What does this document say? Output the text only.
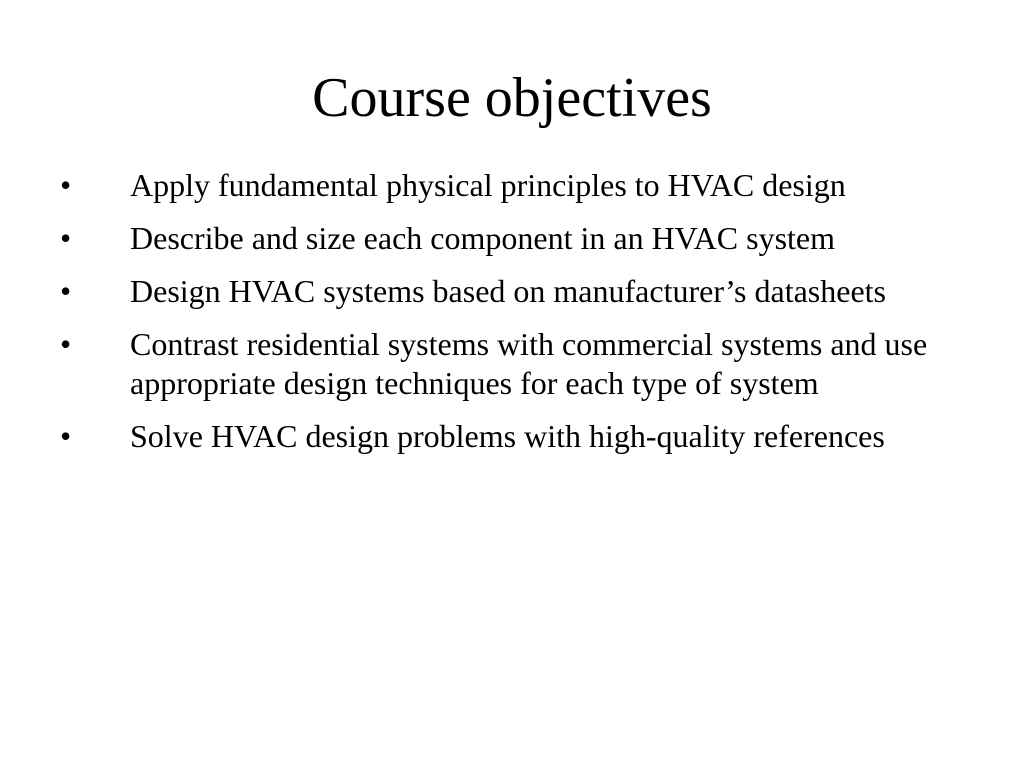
Course objectives
• Apply fundamental physical principles to HVAC design
• Describe and size each component in an HVAC system
• Design HVAC systems based on manufacturer’s datasheets
• Contrast residential systems with commercial systems and use appropriate design techniques for each type of system
• Solve HVAC design problems with high-quality references
